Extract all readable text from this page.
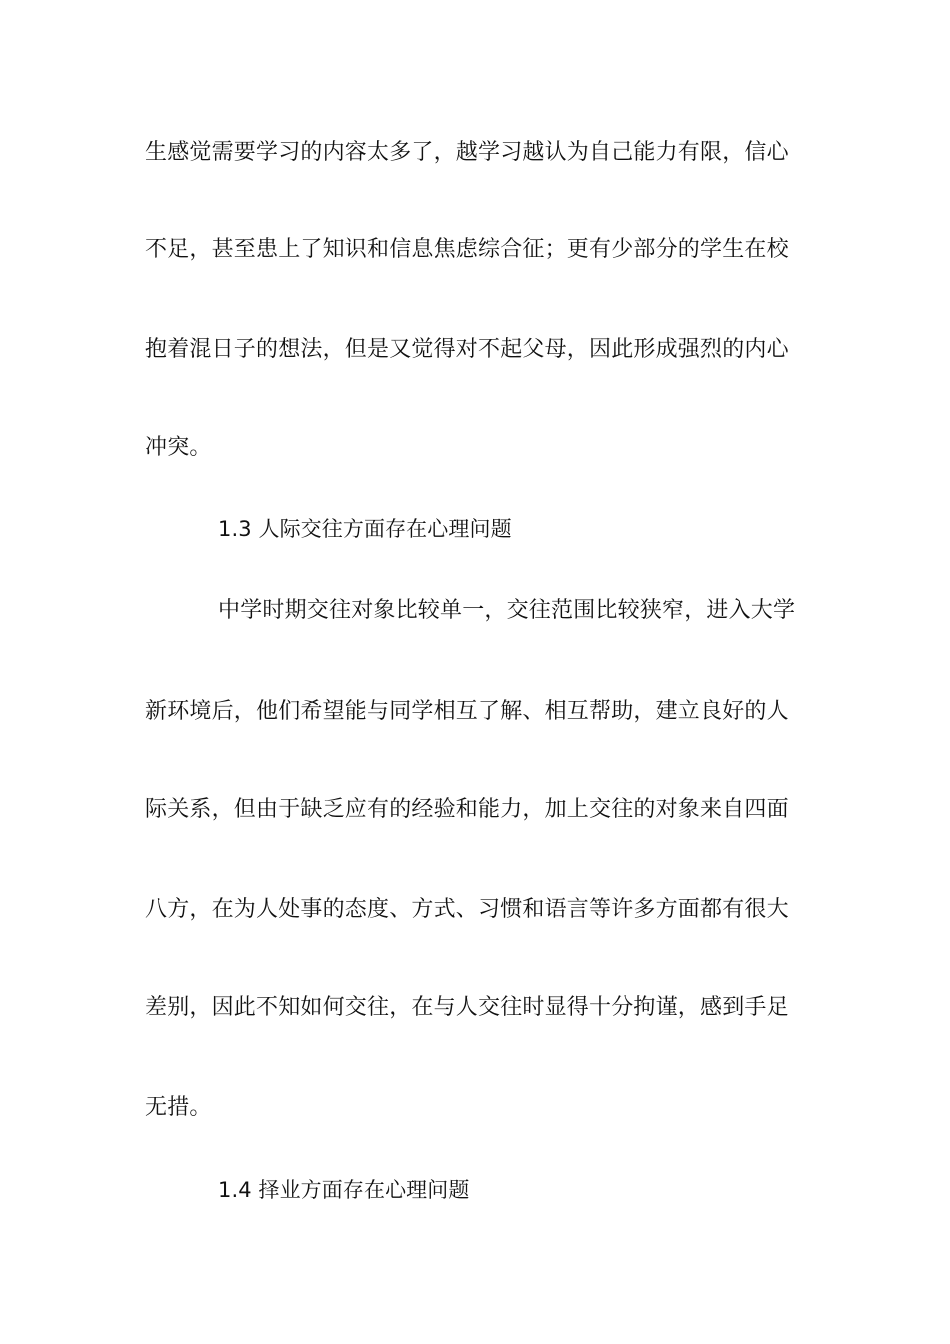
生感觉需要学习的内容太多了，越学习越认为自己能力有限，信心
不足，甚至患上了知识和信息焦虑综合征；更有少部分的学生在校
抱着混日子的想法，但是又觉得对不起父母，因此形成强烈的内心
冲突。
1.3 人际交往方面存在心理问题
中学时期交往对象比较单一，交往范围比较狭窄，进入大学
新环境后，他们希望能与同学相互了解、相互帮助，建立良好的人
际关系，但由于缺乏应有的经验和能力，加上交往的对象来自四面
八方，在为人处事的态度、方式、习惯和语言等许多方面都有很大
差别，因此不知如何交往，在与人交往时显得十分拘谨，感到手足
无措。
1.4 择业方面存在心理问题
